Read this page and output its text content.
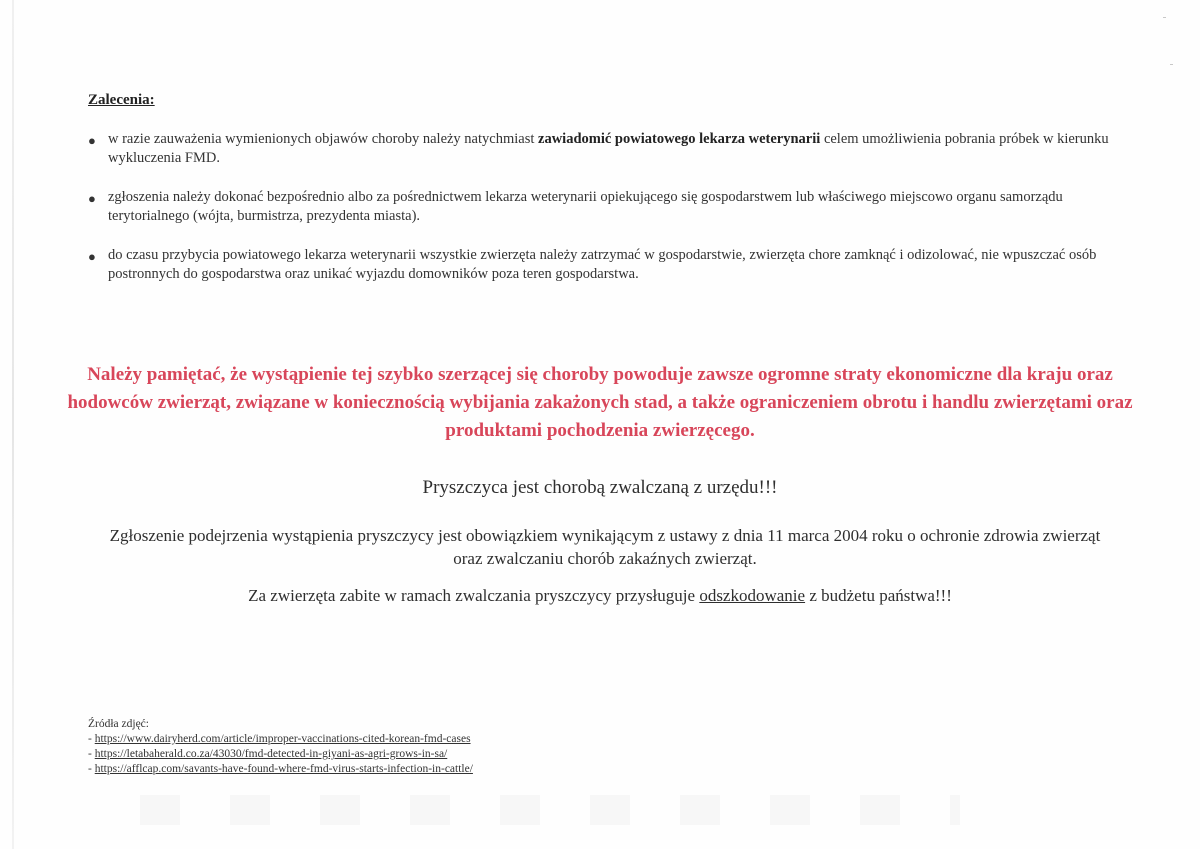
Zalecenia:
● w razie zauważenia wymienionych objawów choroby należy natychmiast zawiadomić powiatowego lekarza weterynarii celem umożliwienia pobrania próbek w kierunku wykluczenia FMD.
● zgłoszenia należy dokonać bezpośrednio albo za pośrednictwem lekarza weterynarii opiekującego się gospodarstwem lub właściwego miejscowo organu samorządu terytorialnego (wójta, burmistrza, prezydenta miasta).
● do czasu przybycia powiatowego lekarza weterynarii wszystkie zwierzęta należy zatrzymać w gospodarstwie, zwierzęta chore zamknąć i odizolować, nie wpuszczać osób postronnych do gospodarstwa oraz unikać wyjazdu domowników poza teren gospodarstwa.
Należy pamiętać, że wystąpienie tej szybko szerzącej się choroby powoduje zawsze ogromne straty ekonomiczne dla kraju oraz hodowców zwierząt, związane w koniecznością wybijania zakażonych stad, a także ograniczeniem obrotu i handlu zwierzętami oraz produktami pochodzenia zwierzęcego.
Pryszczyca jest chorobą zwalczaną z urzędu!!!
Zgłoszenie podejrzenia wystąpienia pryszczycy jest obowiązkiem wynikającym z ustawy z dnia 11 marca 2004 roku o ochronie zdrowia zwierząt oraz zwalczaniu chorób zakaźnych zwierząt.
Za zwierzęta zabite w ramach zwalczania pryszczycy przysługuje odszkodowanie z budżetu państwa!!!
Źródła zdjęć:
- https://www.dairyherd.com/article/improper-vaccinations-cited-korean-fmd-cases
- https://letabaherald.co.za/43030/fmd-detected-in-giyani-as-agri-grows-in-sa/
- https://afflcap.com/savants-have-found-where-fmd-virus-starts-infection-in-cattle/
